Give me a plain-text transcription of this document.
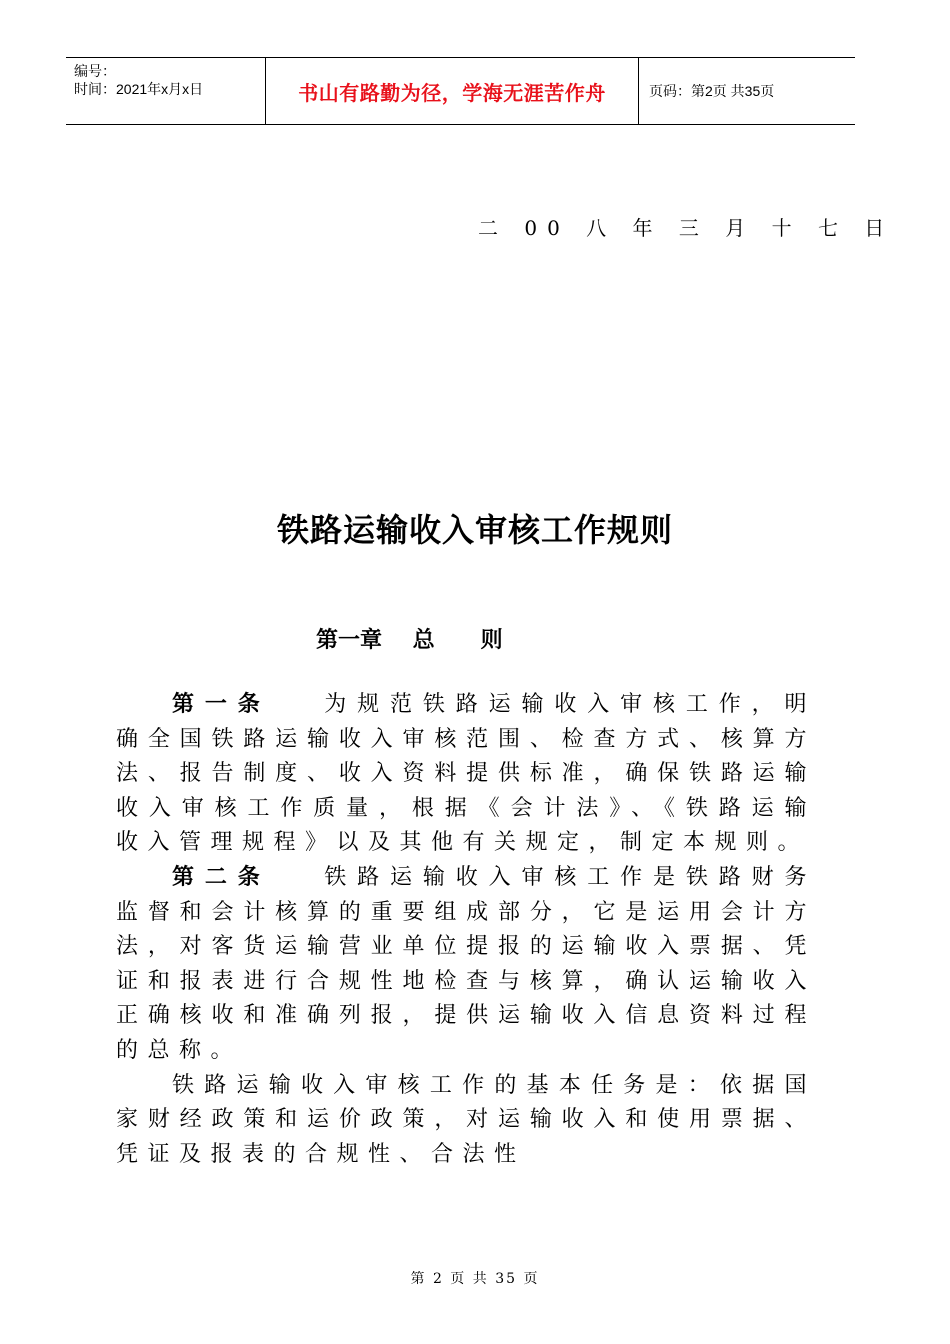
编号：
时间：2021年x月x日	书山有路勤为径，学海无涯苦作舟	页码：第2页 共35页
二 00 八 年 三 月 十 七 日
铁路运输收入审核工作规则
第一章    总      则

第一条 为规范铁路运输收入审核工作，明确全国铁路运输收入审核范围、检查方式、核算方法、报告制度、收入资料提供标准，确保铁路运输收入审核工作质量，根据《会计法》、《铁路运输收入管理规程》以及其他有关规定，制定本规则。

第二条 铁路运输收入审核工作是铁路财务监督和会计核算的重要组成部分，它是运用会计方法，对客货运输营业单位提报的运输收入票据、凭证和报表进行合规性地检查与核算，确认运输收入正确核收和准确列报，提供运输收入信息资料过程的总称。

铁路运输收入审核工作的基本任务是：依据国家财经政策和运价政策，对运输收入和使用票据、凭证及报表的合规性、合法性

第 2 页 共 35 页
